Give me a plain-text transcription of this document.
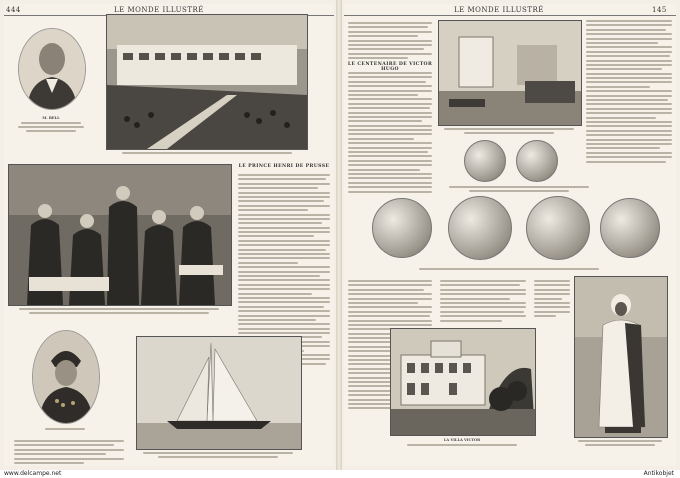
444	LE MONDE ILLUSTRÉ
M. BELL
LE PRINCE HENRI DE PRUSSE
LE MONDE ILLUSTRÉ	145
LE CENTENAIRE DE VICTOR HUGO
LA VILLA VICTOR
www.delcampe.net	Antikobjet
